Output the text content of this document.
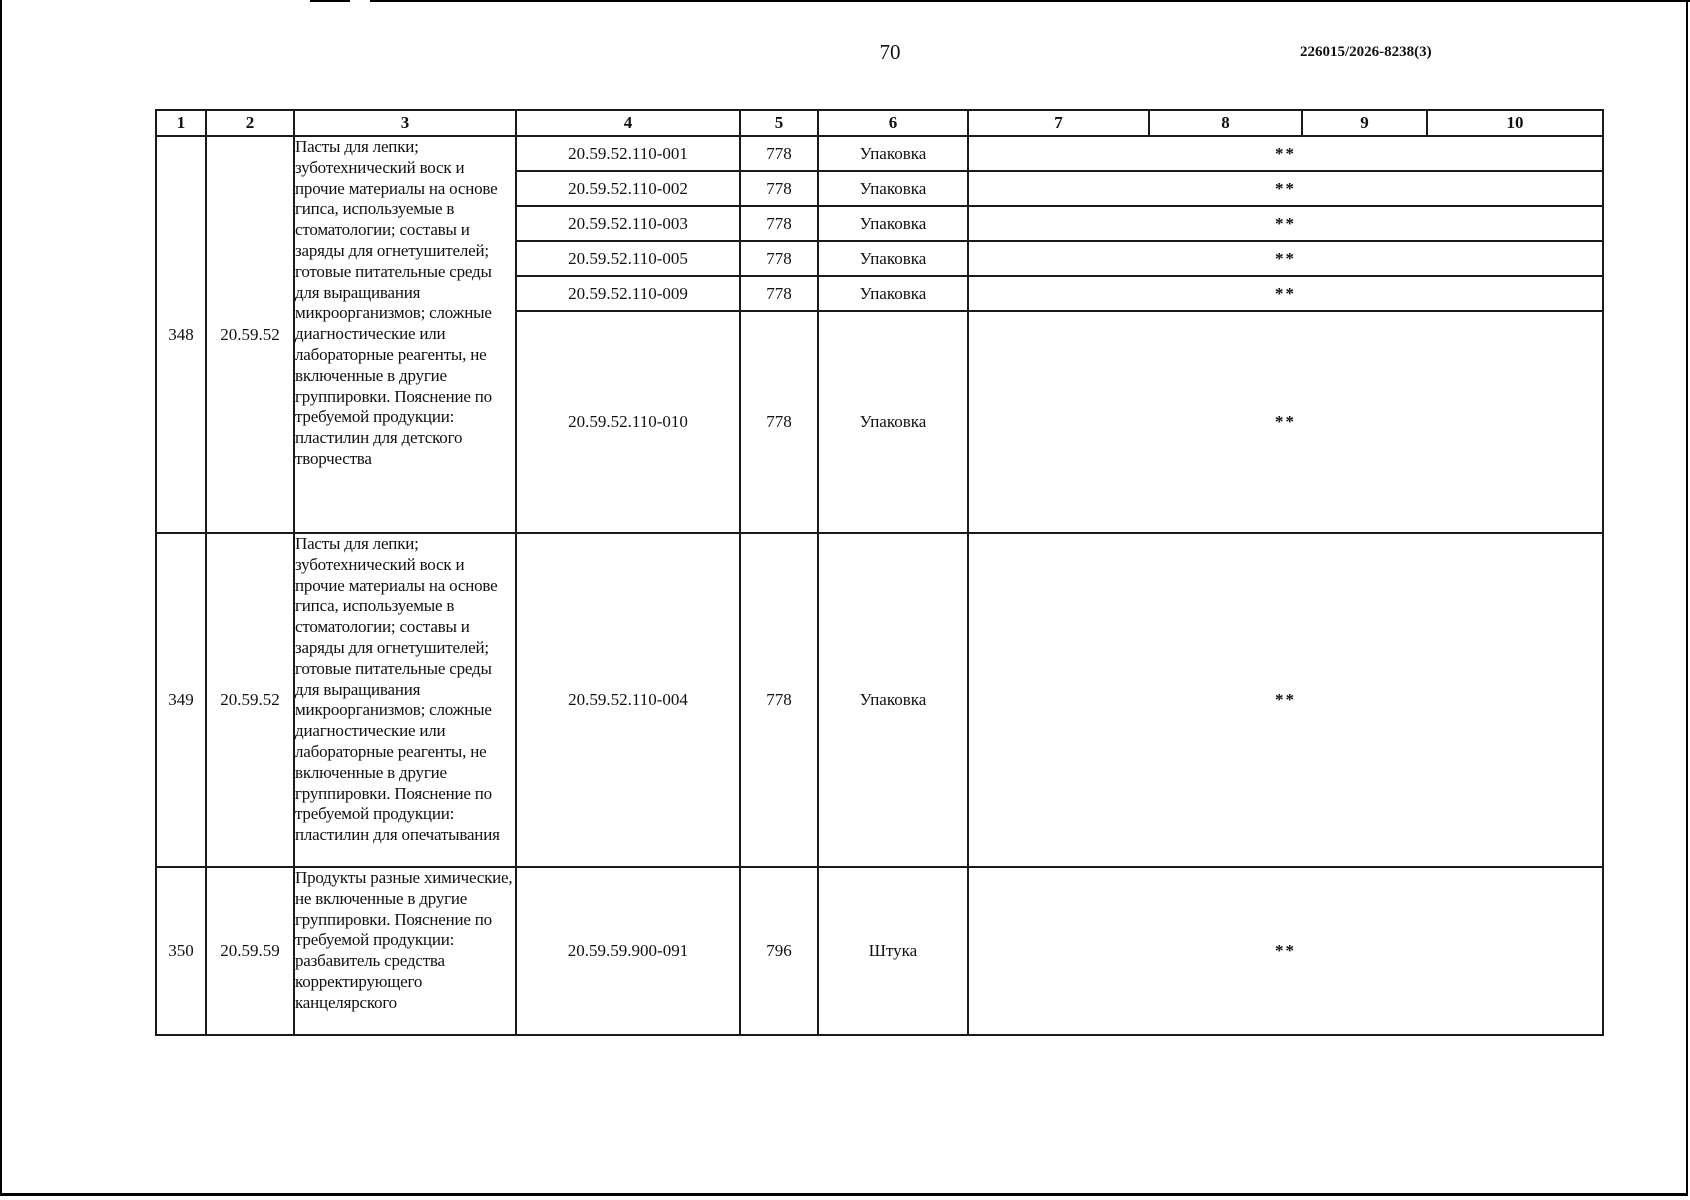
70	226015/2026-8238(3)
1	2	3	4	5	6	7	8	9	10
348	20.59.52	Пасты для лепки; зуботехнический воск и прочие материалы на основе гипса, используемые в стоматологии; составы и заряды для огнетушителей; готовые питательные среды для выращивания микроорганизмов; сложные диагностические или лабораторные реагенты, не включенные в другие группировки. Пояснение по требуемой продукции: пластилин для детского творчества	20.59.52.110-001	778	Упаковка	**			
			20.59.52.110-002	778	Упаковка	**			
			20.59.52.110-003	778	Упаковка	**			
			20.59.52.110-005	778	Упаковка	**			
			20.59.52.110-009	778	Упаковка	**			
			20.59.52.110-010	778	Упаковка	**			
349	20.59.52	Пасты для лепки; зуботехнический воск и прочие материалы на основе гипса, используемые в стоматологии; составы и заряды для огнетушителей; готовые питательные среды для выращивания микроорганизмов; сложные диагностические или лабораторные реагенты, не включенные в другие группировки. Пояснение по требуемой продукции: пластилин для опечатывания	20.59.52.110-004	778	Упаковка	**			
350	20.59.59	Продукты разные химические, не включенные в другие группировки. Пояснение по требуемой продукции: разбавитель средства корректирующего канцелярского	20.59.59.900-091	796	Штука	**			
